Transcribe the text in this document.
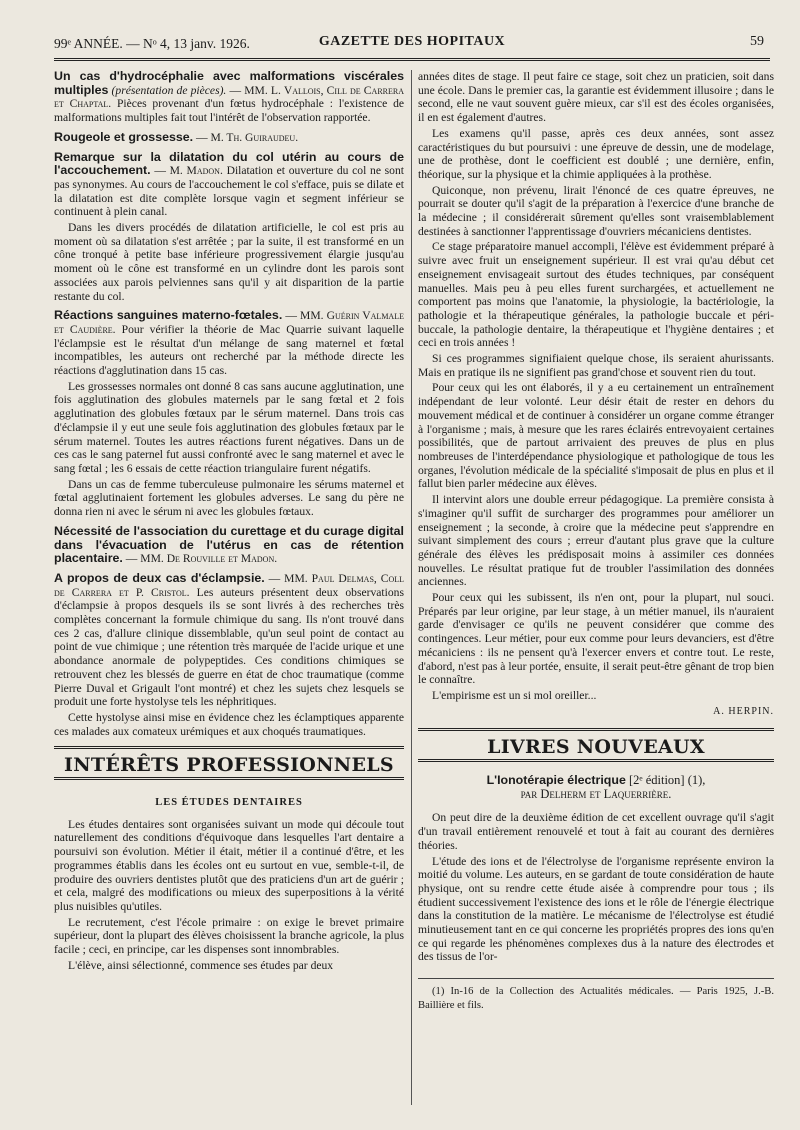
99ᵉ ANNÉE. — Nᵒ 4, 13 janv. 1926.	GAZETTE DES HOPITAUX	59

Un cas d'hydrocéphalie avec malformations viscérales multiples (présentation de pièces). — MM. L. Vallois, Cill de Carrera et Chaptal. Pièces provenant d'un fœtus hydrocéphale : l'existence de malformations multiples fait tout l'intérêt de l'observation rapportée.

Rougeole et grossesse. — M. Th. Guiraudeu.

Remarque sur la dilatation du col utérin au cours de l'accouchement. — M. Madon. Dilatation et ouverture du col ne sont pas synonymes. Au cours de l'accouchement le col s'efface, puis se dilate et la dilatation est dite complète lorsque vagin et segment inférieur se continuent à plein canal.

Dans les divers procédés de dilatation artificielle, le col est pris au moment où sa dilatation s'est arrêtée ; par la suite, il est transformé en un cône tronqué à petite base inférieure progressivement élargie jusqu'au moment où le cône est transformé en un cylindre dont les parois sont associées aux parois pelviennes sans qu'il y ait disparition de la partie restante du col.

Réactions sanguines materno-fœtales. — MM. Guérin Valmale et Caudière. Pour vérifier la théorie de Mac Quarrie suivant laquelle l'éclampsie est le résultat d'un mélange de sang maternel et fœtal incompatibles, les auteurs ont recherché par la méthode directe les réactions d'agglutination dans 15 cas.

Les grossesses normales ont donné 8 cas sans aucune agglutination, une fois agglutination des globules maternels par le sang fœtal et 2 fois agglutination des globules fœtaux par le sérum maternel. Dans trois cas d'éclampsie il y eut une seule fois agglutination des globules fœtaux par le sérum maternel. Toutes les autres réactions furent négatives. Dans un de ces cas le sang paternel fut aussi confronté avec le sang maternel et avec le sang fœtal ; les 6 essais de cette réaction triangulaire furent négatifs.

Dans un cas de femme tuberculeuse pulmonaire les sérums maternel et fœtal agglutinaient fortement les globules adverses. Le sang du père ne donna rien ni avec le sérum ni avec les globules fœtaux.

Nécessité de l'association du curettage et du curage digital dans l'évacuation de l'utérus en cas de rétention placentaire. — MM. De Rouville et Madon.

A propos de deux cas d'éclampsie. — MM. Paul Delmas, Coll de Carrera et P. Cristol. Les auteurs présentent deux observations d'éclampsie à propos desquels ils se sont livrés à des recherches très complètes concernant la formule chimique du sang. Ils n'ont trouvé dans ces 2 cas, d'allure clinique dissemblable, qu'un seul point de contact au point de vue chimique ; une rétention très marquée de l'acide urique et une abondance anormale de polypeptides. Ces conditions chimiques se retrouvent chez les blessés de guerre en état de choc traumatique (comme Pierre Duval et Grigault l'ont montré) et chez les sujets chez lesquels se produit une forte hystolyse tels les néphritiques.

Cette hystolyse ainsi mise en évidence chez les éclamptiques apparente ces malades aux comateux urémiques et aux choqués traumatiques.

INTÉRÊTS PROFESSIONNELS
LES ÉTUDES DENTAIRES

Les études dentaires sont organisées suivant un mode qui découle tout naturellement des conditions d'équivoque dans lesquelles l'art dentaire a poursuivi son évolution. Métier il était, métier il a continué d'être, et les programmes établis dans les écoles ont eu surtout en vue, semble-t-il, de produire des ouvriers dentistes plutôt que des praticiens d'un art de guérir ; et cela, malgré des modifications ou mieux des superpositions à la vérité plus nuisibles qu'utiles.

Le recrutement, c'est l'école primaire : on exige le brevet primaire supérieur, dont la plupart des élèves choisissent la branche agricole, la plus facile ; ceci, en principe, car les dispenses sont innombrables.

L'élève, ainsi sélectionné, commence ses études par deux

années dites de stage. Il peut faire ce stage, soit chez un praticien, soit dans une école. Dans le premier cas, la garantie est évidemment illusoire ; dans le second, elle ne vaut souvent guère mieux, car s'il est des écoles organisées, il en est également d'autres.

Les examens qu'il passe, après ces deux années, sont assez caractéristiques du but poursuivi : une épreuve de dessin, une de modelage, une de prothèse, dont le coefficient est doublé ; une dernière, enfin, théorique, sur la physique et la chimie appliquées à la prothèse.

Quiconque, non prévenu, lirait l'énoncé de ces quatre épreuves, ne pourrait se douter qu'il s'agit de la préparation à l'exercice d'une branche de la médecine ; il considérerait sûrement qu'elles sont vraisemblablement destinées à sanctionner l'apprentissage d'ouvriers mécaniciens dentistes.

Ce stage préparatoire manuel accompli, l'élève est évidemment préparé à suivre avec fruit un enseignement supérieur. Il est vrai qu'au début cet enseignement envisageait surtout des études techniques, par conséquent manuelles. Mais peu à peu elles furent surchargées, et actuellement ne comportent pas moins que l'anatomie, la physiologie, la bactériologie, la pathologie et la thérapeutique générales, la pathologie buccale et péri-buccale, la pathologie dentaire, la thérapeutique et l'hygiène dentaires ; et ceci en trois années !

Si ces programmes signifiaient quelque chose, ils seraient ahurissants. Mais en pratique ils ne signifient pas grand'chose et souvent rien du tout.

Pour ceux qui les ont élaborés, il y a eu certainement un entraînement indépendant de leur volonté. Leur désir était de rester en dehors du mouvement médical et de continuer à considérer un organe comme étranger à l'organisme ; mais, à mesure que les rares éclairés entrevoyaient certaines possibilités, que de partout arrivaient des preuves de plus en plus nombreuses de l'interdépendance physiologique et pathologique de tous les organes, l'évolution médicale de la spécialité s'imposait de plus en plus et il fallut bien parler médecine aux élèves.

Il intervint alors une double erreur pédagogique. La première consista à s'imaginer qu'il suffit de surcharger des programmes pour améliorer un enseignement ; la seconde, à croire que la médecine peut s'apprendre en suivant simplement des cours ; erreur d'autant plus grave que la culture générale des élèves les prédisposait moins à assimiler ces données nouvelles. Le résultat pratique fut de troubler l'assimilation des données anciennes.

Pour ceux qui les subissent, ils n'en ont, pour la plupart, nul souci. Préparés par leur origine, par leur stage, à un métier manuel, ils n'auraient garde d'envisager ce qu'ils ne peuvent considérer que comme des contingences. Leur métier, pour eux comme pour leurs devanciers, est d'être mécaniciens : ils ne pensent qu'à l'exercer envers et contre tout. Le reste, d'abord, n'est pas à leur portée, ensuite, il serait peut-être gênant de trop bien le connaître.

L'empirisme est un si mol oreiller...

A. HERPIN.
LIVRES NOUVEAUX
L'Ionotérapie électrique [2ᵉ édition] (1),
par Delherm et Laquerrière.

On peut dire de la deuxième édition de cet excellent ouvrage qu'il s'agit d'un travail entièrement renouvelé et tout à fait au courant des dernières théories.

L'étude des ions et de l'électrolyse de l'organisme représente environ la moitié du volume. Les auteurs, en se gardant de toute considération de haute physique, ont su rendre cette étude aisée à comprendre pour tous ; ils étudient successivement l'existence des ions et le rôle de l'énergie électrique dans la constitution de la matière. Le mécanisme de l'électrolyse est étudié minutieusement tant en ce qui concerne les propriétés propres des ions qu'en ce qui regarde les phénomènes complexes dus à la nature des électrodes et des tissus de l'or-

(1) In-16 de la Collection des Actualités médicales. — Paris 1925, J.-B. Baillière et fils.
